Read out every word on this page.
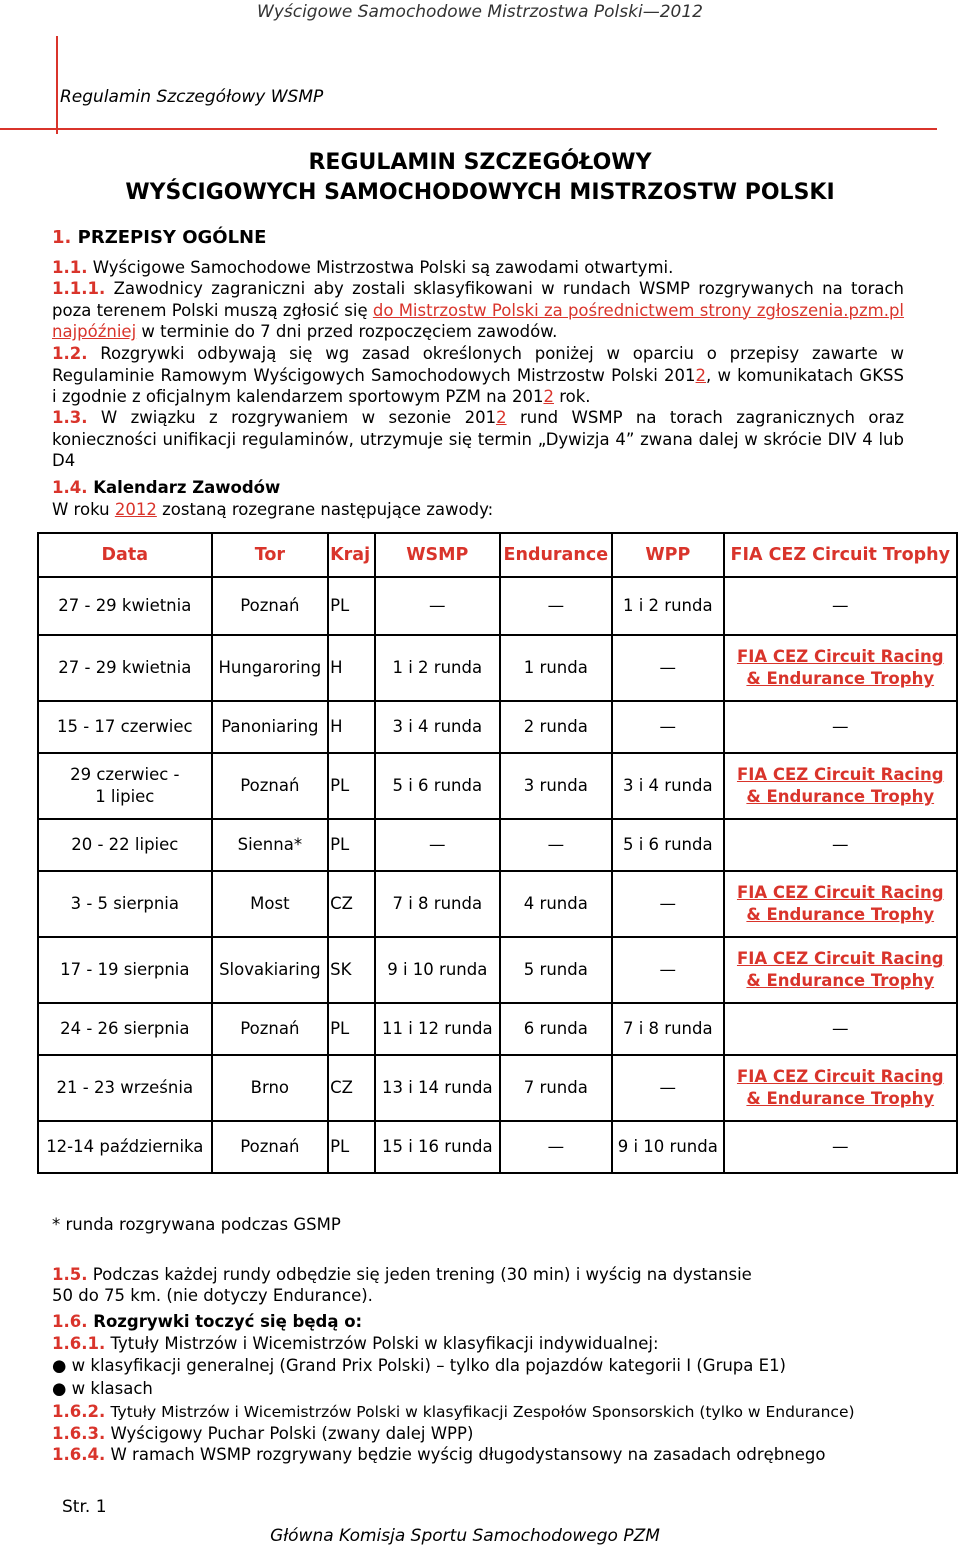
Wyścigowe Samochodowe Mistrzostwa Polski—2012
Regulamin Szczegółowy WSMP
REGULAMIN SZCZEGÓŁOWY
WYŚCIGOWYCH SAMOCHODOWYCH MISTRZOSTW POLSKI
1. PRZEPISY OGÓLNE
1.1. Wyścigowe Samochodowe Mistrzostwa Polski są zawodami otwartymi.
1.1.1. Zawodnicy zagraniczni aby zostali sklasyfikowani w rundach WSMP rozgrywanych na torach poza terenem Polski muszą zgłosić się do Mistrzostw Polski za pośrednictwem strony zgłoszenia.pzm.pl najpóźniej w terminie do 7 dni przed rozpoczęciem zawodów.
1.2. Rozgrywki odbywają się wg zasad określonych poniżej w oparciu o przepisy zawarte w Regulaminie Ramowym Wyścigowych Samochodowych Mistrzostw Polski 2012, w komunikatach GKSS i zgodnie z oficjalnym kalendarzem sportowym PZM na 2012 rok.
1.3. W związku z rozgrywaniem w sezonie 2012 rund WSMP na torach zagranicznych oraz konieczności unifikacji regulaminów, utrzymuje się termin „Dywizja 4” zwana dalej w skrócie DIV 4 lub D4
1.4. Kalendarz Zawodów
W roku 2012 zostaną rozegrane następujące zawody:
Data	Tor	Kraj	WSMP	Endurance	WPP	FIA CEZ Circuit Trophy
27 - 29 kwietnia	Poznań	PL	—	—	1 i 2 runda	—
27 - 29 kwietnia	Hungaroring	H	1 i 2 runda	1 runda	—	FIA CEZ Circuit Racing & Endurance Trophy
15 - 17 czerwiec	Panoniaring	H	3 i 4 runda	2 runda	—	—
29 czerwiec - 1 lipiec	Poznań	PL	5 i 6 runda	3 runda	3 i 4 runda	FIA CEZ Circuit Racing & Endurance Trophy
20 - 22 lipiec	Sienna*	PL	—	—	5 i 6 runda	—
3 - 5 sierpnia	Most	CZ	7 i 8 runda	4 runda	—	FIA CEZ Circuit Racing & Endurance Trophy
17 - 19 sierpnia	Slovakiaring	SK	9 i 10 runda	5 runda	—	FIA CEZ Circuit Racing & Endurance Trophy
24 - 26 sierpnia	Poznań	PL	11 i 12 runda	6 runda	7 i 8 runda	—
21 - 23 września	Brno	CZ	13 i 14 runda	7 runda	—	FIA CEZ Circuit Racing & Endurance Trophy
12-14 października	Poznań	PL	15 i 16 runda	—	9 i 10 runda	—
* runda rozgrywana podczas GSMP
1.5. Podczas każdej rundy odbędzie się jeden trening (30 min) i wyścig na dystansie
50 do 75 km. (nie dotyczy Endurance).
1.6. Rozgrywki toczyć się będą o:
1.6.1. Tytuły Mistrzów i Wicemistrzów Polski w klasyfikacji indywidualnej:
● w klasyfikacji generalnej (Grand Prix Polski) – tylko dla pojazdów kategorii I (Grupa E1)
● w klasach
1.6.2. Tytuły Mistrzów i Wicemistrzów Polski w klasyfikacji Zespołów Sponsorskich (tylko w Endurance)
1.6.3. Wyścigowy Puchar Polski (zwany dalej WPP)
1.6.4. W ramach WSMP rozgrywany będzie wyścig długodystansowy na zasadach odrębnego
Str. 1
Główna Komisja Sportu Samochodowego PZM
